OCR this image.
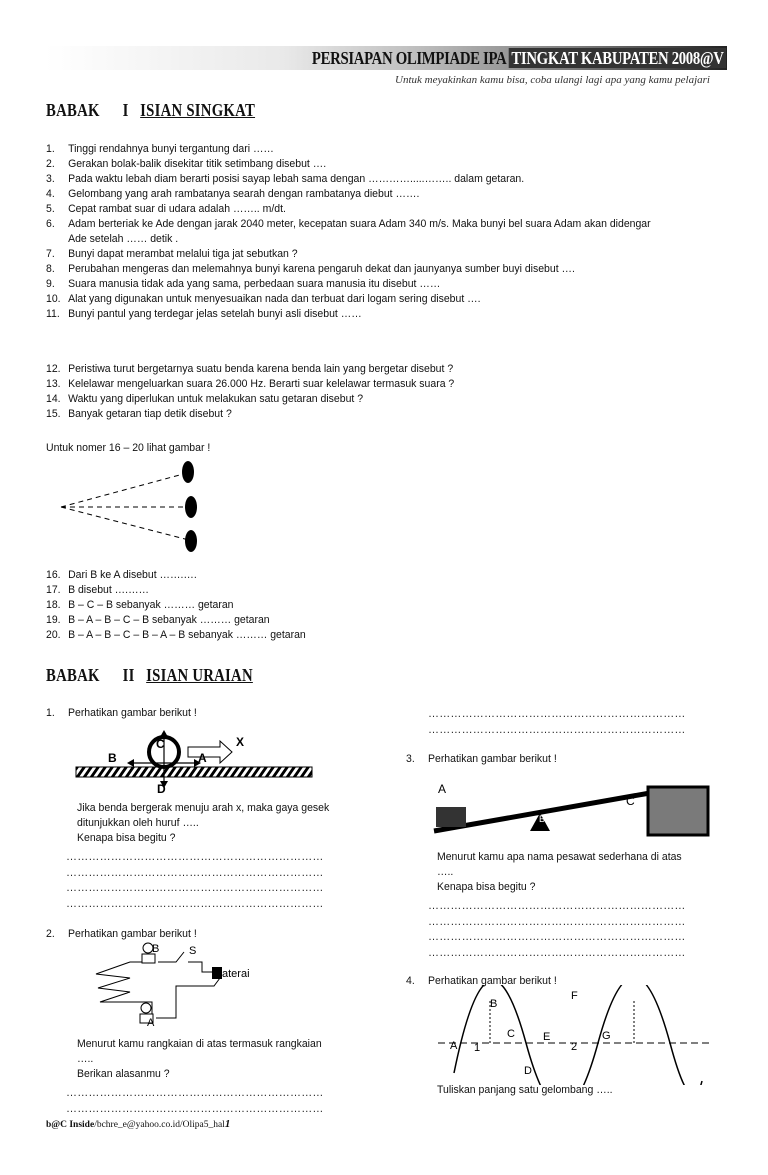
PERSIAPAN OLIMPIADE IPA TINGKAT KABUPATEN 2008@V
Untuk meyakinkan kamu bisa, coba ulangi lagi apa yang kamu pelajari
BABAK I ISIAN SINGKAT
1. Tinggi rendahnya bunyi tergantung dari ……
2. Gerakan bolak-balik disekitar titik setimbang disebut ….
3. Pada waktu lebah diam berarti posisi sayap lebah sama dengan ………….....…….. dalam getaran.
4. Gelombang yang arah rambatanya searah dengan rambatanya diebut …….
5. Cepat rambat suar di udara adalah …….. m/dt.
6. Adam berteriak ke Ade dengan jarak 2040 meter, kecepatan suara Adam 340 m/s. Maka bunyi bel suara Adam akan didengar
Ade setelah …… detik .
7. Bunyi dapat merambat melalui tiga jat sebutkan ?
8. Perubahan mengeras dan melemahnya bunyi karena pengaruh dekat dan jaunyanya sumber buyi disebut ….
9. Suara manusia tidak ada yang sama, perbedaan suara manusia itu disebut ……
10. Alat yang digunakan untuk menyesuaikan nada dan terbuat dari logam sering disebut ….
11. Bunyi pantul yang terdegar jelas setelah bunyi asli disebut ……
12. Peristiwa turut bergetarnya suatu benda karena benda lain yang bergetar disebut ?
13. Kelelawar mengeluarkan suara 26.000 Hz. Berarti suar kelelawar termasuk suara ?
14. Waktu yang diperlukan untuk melakukan satu getaran disebut ?
15. Banyak getaran tiap detik disebut ?
Untuk nomer 16 – 20 lihat gambar !
16. Dari B ke A disebut …….….
17. B disebut ….……
18. B – C – B sebanyak ……… getaran
19. B – A – B – C – B sebanyak ……… getaran
20. B – A – B – C – B – A – B sebanyak ……… getaran
BABAK II ISIAN URAIAN
1. Perhatikan gambar berikut !
X
B
C
A
D
Jika benda bergerak menuju arah x, maka gaya gesek
ditunjukkan oleh huruf …..
Kenapa bisa begitu ?
……………………………………………………………
……………………………………………………………
……………………………………………………………
……………………………………………………………
2. Perhatikan gambar berikut !
B	S
aterai
A
Menurut kamu rangkaian di atas termasuk rangkaian
…..
Berikan alasanmu ?
……………………………………………………………
……………………………………………………………
……………………………………………………………
……………………………………………………………
3. Perhatikan gambar berikut !
A
B
C
Menurut kamu apa nama pesawat sederhana di atas
…..
Kenapa bisa begitu ?
……………………………………………………………
……………………………………………………………
……………………………………………………………
……………………………………………………………
4. Perhatikan gambar berikut !
A 1
B
C
D
E
2
F
G
Tuliskan panjang satu gelombang …..
b@C Inside/bchre_e@yahoo.co.id/Olipa5_hal1
